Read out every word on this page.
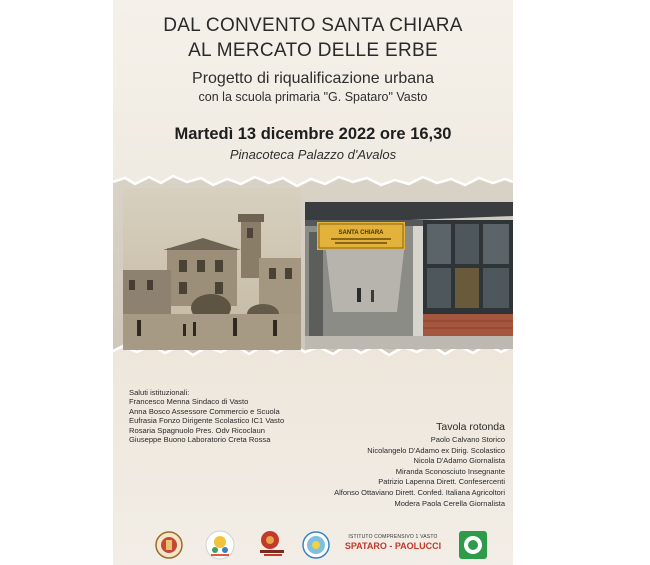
DAL CONVENTO SANTA CHIARA
AL MERCATO DELLE ERBE
Progetto di riqualificazione urbana
con la scuola primaria "G. Spataro" Vasto
Martedì 13 dicembre 2022 ore 16,30
Pinacoteca Palazzo d'Avalos
SANTA CHIARA
Saluti istituzionali:
Francesco Menna Sindaco di Vasto
Anna Bosco Assessore Commercio e Scuola
Eufrasia Fonzo Dirigente Scolastico IC1 Vasto
Rosaria Spagnuolo Pres. Odv Ricoclaun
Giuseppe Buono Laboratorio Creta Rossa
Tavola rotonda
Paolo Calvano Storico
Nicolangelo D'Adamo ex Dirig. Scolastico
Nicola D'Adamo Giornalista
Miranda Sconosciuto Insegnante
Patrizio Lapenna Dirett. Confesercenti
Alfonso Ottaviano Dirett. Confed. Italiana Agricoltori
Modera Paola Cerella Giornalista
ISTITUTO COMPRENSIVO 1 VASTO
SPATARO - PAOLUCCI
